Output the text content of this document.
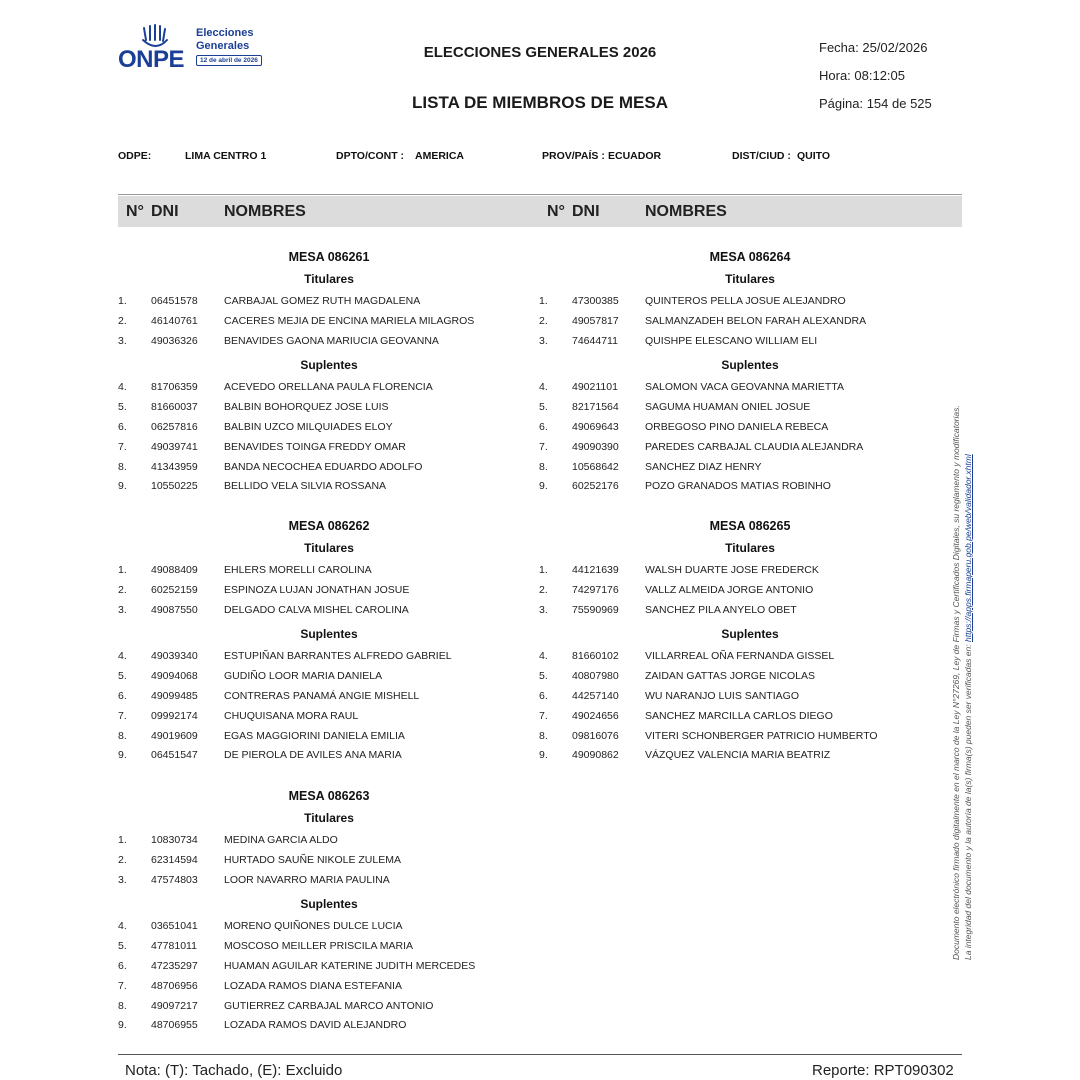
ONPE
Elecciones
Generales
12 de abril de 2026	ELECCIONES GENERALES 2026
LISTA DE MIEMBROS DE MESA
Fecha: 25/02/2026
Hora: 08:12:05
Página: 154 de 525
ODPE:	LIMA CENTRO 1	DPTO/CONT : AMERICA	PROV/PAÍS : ECUADOR	DIST/CIUD : QUITO
N° DNI	NOMBRES	N° DNI	NOMBRES
MESA 086261
Titulares
1. 06451578	CARBAJAL GOMEZ RUTH MAGDALENA
2. 46140761	CACERES MEJIA DE ENCINA MARIELA MILAGROS
3. 49036326	BENAVIDES GAONA MARIUCIA GEOVANNA
Suplentes
4. 81706359	ACEVEDO ORELLANA PAULA FLORENCIA
5. 81660037	BALBIN BOHORQUEZ JOSE LUIS
6. 06257816	BALBIN UZCO MILQUIADES ELOY
7. 49039741	BENAVIDES TOINGA FREDDY OMAR
8. 41343959	BANDA NECOCHEA EDUARDO ADOLFO
9. 10550225	BELLIDO VELA SILVIA ROSSANA
MESA 086264
Titulares
1. 47300385	QUINTEROS PELLA JOSUE ALEJANDRO
2. 49057817	SALMANZADEH BELON FARAH ALEXANDRA
3. 74644711	QUISHPE ELESCANO WILLIAM ELI
Suplentes
4. 49021101	SALOMON VACA GEOVANNA MARIETTA
5. 82171564	SAGUMA HUAMAN ONIEL JOSUE
6. 49069643	ORBEGOSO PINO DANIELA REBECA
7. 49090390	PAREDES CARBAJAL CLAUDIA ALEJANDRA
8. 10568642	SANCHEZ DIAZ HENRY
9. 60252176	POZO GRANADOS MATIAS ROBINHO
MESA 086262
Titulares
1. 49088409	EHLERS MORELLI CAROLINA
2. 60252159	ESPINOZA LUJAN JONATHAN JOSUE
3. 49087550	DELGADO CALVA MISHEL CAROLINA
Suplentes
4. 49039340	ESTUPIÑAN BARRANTES ALFREDO GABRIEL
5. 49094068	GUDIÑO LOOR MARIA DANIELA
6. 49099485	CONTRERAS PANAMÁ ANGIE MISHELL
7. 09992174	CHUQUISANA MORA RAUL
8. 49019609	EGAS MAGGIORINI DANIELA EMILIA
9. 06451547	DE PIEROLA DE AVILES ANA MARIA
MESA 086265
Titulares
1. 44121639	WALSH DUARTE JOSE FREDERCK
2. 74297176	VALLZ ALMEIDA JORGE ANTONIO
3. 75590969	SANCHEZ PILA ANYELO OBET
Suplentes
4. 81660102	VILLARREAL OÑA FERNANDA GISSEL
5. 40807980	ZAIDAN GATTAS JORGE NICOLAS
6. 44257140	WU NARANJO LUIS SANTIAGO
7. 49024656	SANCHEZ MARCILLA CARLOS DIEGO
8. 09816076	VITERI SCHONBERGER PATRICIO HUMBERTO
9. 49090862	VÁZQUEZ VALENCIA MARIA BEATRIZ
MESA 086263
Titulares
1. 10830734	MEDINA GARCIA ALDO
2. 62314594	HURTADO SAUÑE NIKOLE ZULEMA
3. 47574803	LOOR NAVARRO MARIA PAULINA
Suplentes
4. 03651041	MORENO QUIÑONES DULCE LUCIA
5. 47781011	MOSCOSO MEILLER PRISCILA MARIA
6. 47235297	HUAMAN AGUILAR KATERINE JUDITH MERCEDES
7. 48706956	LOZADA RAMOS DIANA ESTEFANIA
8. 49097217	GUTIERREZ CARBAJAL MARCO ANTONIO
9. 48706955	LOZADA RAMOS DAVID ALEJANDRO
Documento electrónico firmado digitalmente en el marco de la Ley N°27269, Ley de Firmas y Certificados Digitales, su reglamento y modificatorias. La integridad del documento y la autoría de la(s) firma(s) pueden ser verificadas en: https://apps.firmaperu.gob.pe/web/validador.xhtml
Nota: (T): Tachado, (E): Excluido	Reporte: RPT090302
